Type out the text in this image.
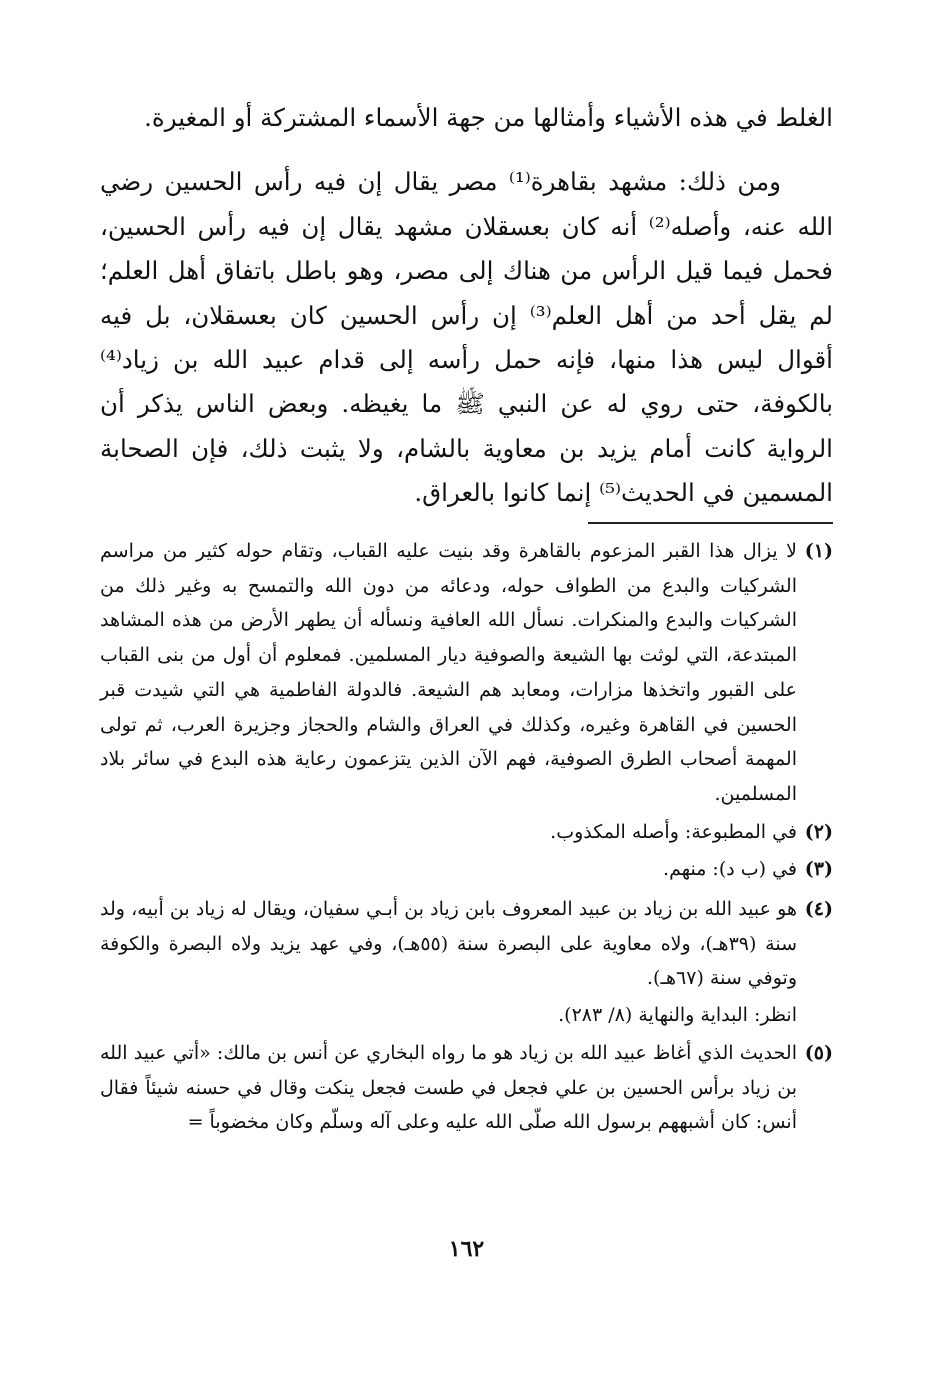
الغلط في هذه الأشياء وأمثالها من جهة الأسماء المشتركة أو المغيرة.

ومن ذلك: مشهد بقاهرة⁽¹⁾ مصر يقال إن فيه رأس الحسين رضي الله عنه، وأصله⁽²⁾ أنه كان بعسقلان مشهد يقال إن فيه رأس الحسين، فحمل فيما قيل الرأس من هناك إلى مصر، وهو باطل باتفاق أهل العلم؛ لم يقل أحد من أهل العلم⁽³⁾ إن رأس الحسين كان بعسقلان، بل فيه أقوال ليس هذا منها، فإنه حمل رأسه إلى قدام عبيد الله بن زياد⁽⁴⁾ بالكوفة، حتى روي له عن النبي ﷺ ما يغيظه. وبعض الناس يذكر أن الرواية كانت أمام يزيد بن معاوية بالشام، ولا يثبت ذلك، فإن الصحابة المسمين في الحديث⁽⁵⁾ إنما كانوا بالعراق.

(١)
لا يزال هذا القبر المزعوم بالقاهرة وقد بنيت عليه القباب، وتقام حوله كثير من مراسم الشركيات والبدع من الطواف حوله، ودعائه من دون الله والتمسح به وغير ذلك من الشركيات والبدع والمنكرات. نسأل الله العافية ونسأله أن يطهر الأرض من هذه المشاهد المبتدعة، التي لوثت بها الشيعة والصوفية ديار المسلمين. فمعلوم أن أول من بنى القباب على القبور واتخذها مزارات، ومعابد هم الشيعة. فالدولة الفاطمية هي التي شيدت قبر الحسين في القاهرة وغيره، وكذلك في العراق والشام والحجاز وجزيرة العرب، ثم تولى المهمة أصحاب الطرق الصوفية، فهم الآن الذين يتزعمون رعاية هذه البدع في سائر بلاد المسلمين.
(٢)
في المطبوعة: وأصله المكذوب.
(٣)
في (ب د): منهم.
(٤)
هو عبيد الله بن زياد بن عبيد المعروف بابن زياد بن أبـي سفيان، ويقال له زياد بن أبيه، ولد سنة (٣٩هـ)، ولاه معاوية على البصرة سنة (٥٥هـ)، وفي عهد يزيد ولاه البصرة والكوفة وتوفي سنة (٦٧هـ).
انظر: البداية والنهاية (٨/ ٢٨٣).
(٥)
الحديث الذي أغاظ عبيد الله بن زياد هو ما رواه البخاري عن أنس بن مالك: «أتي عبيد الله بن زياد برأس الحسين بن علي فجعل في طست فجعل ينكت وقال في حسنه شيئاً فقال أنس: كان أشبههم برسول الله صلّى الله عليه وعلى آله وسلّم وكان مخضوباً =
١٦٢
